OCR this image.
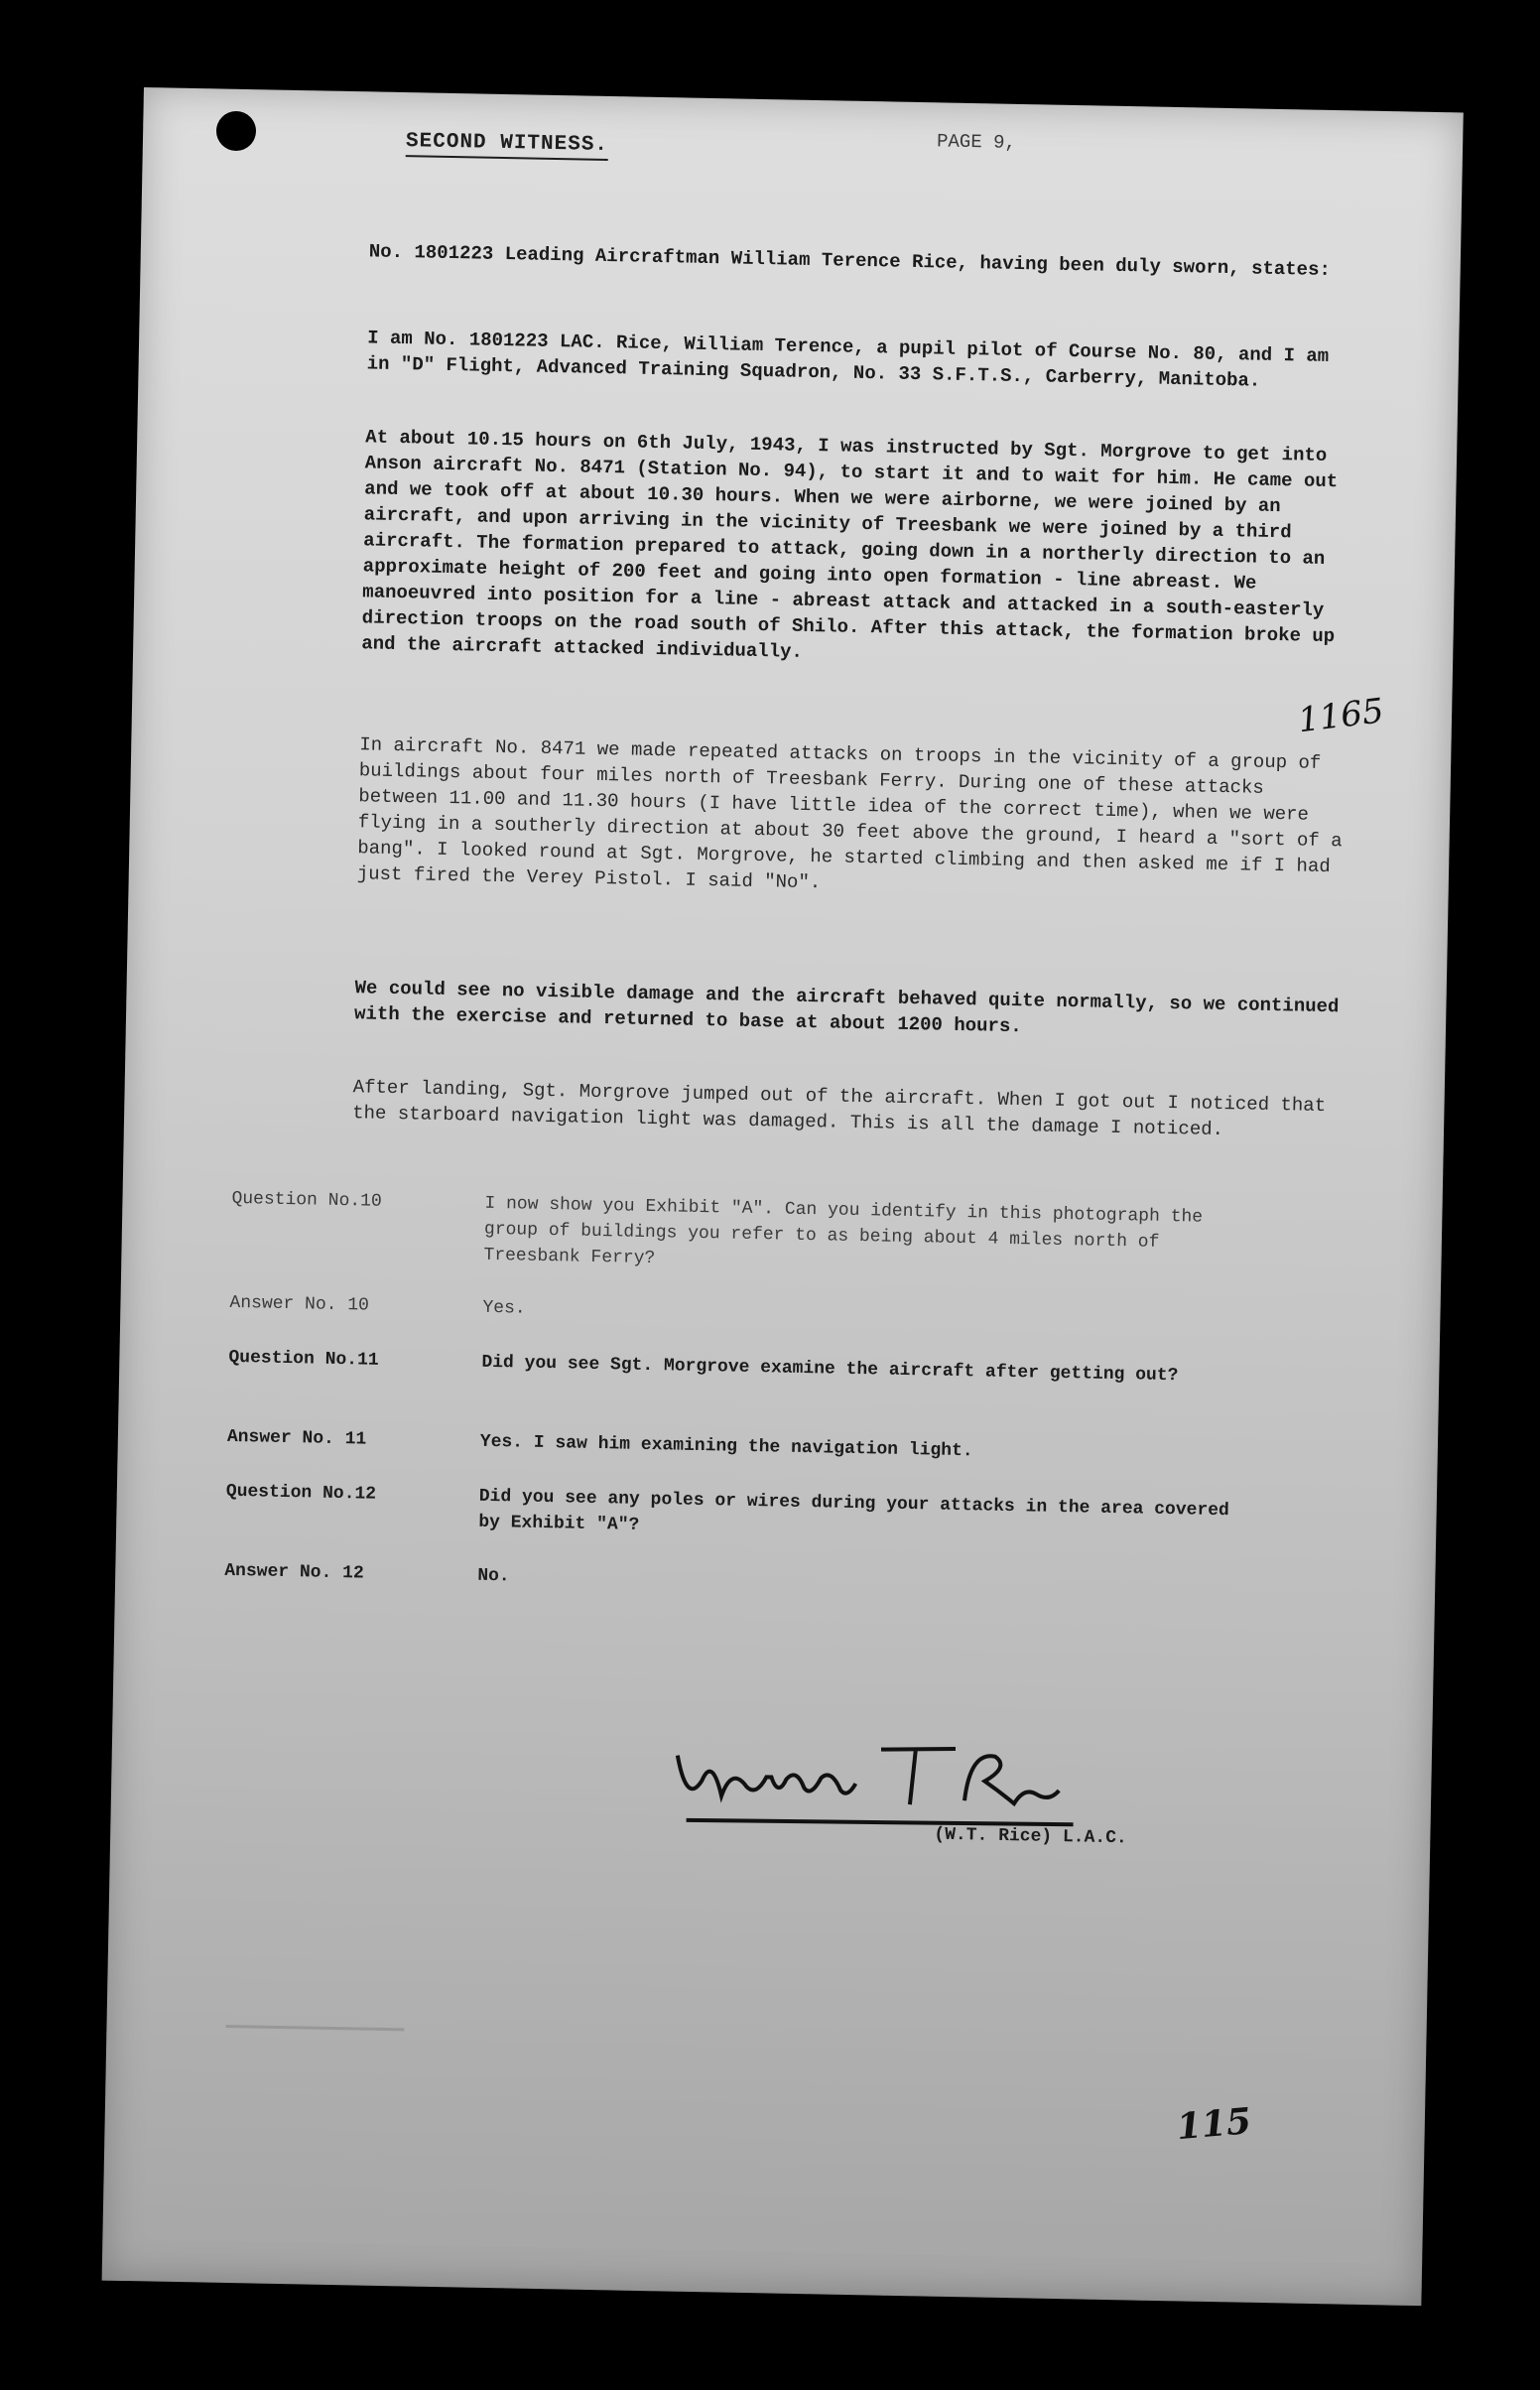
SECOND WITNESS.	PAGE 9,
No. 1801223 Leading Aircraftman William Terence Rice, having been duly sworn, states:
I am No. 1801223 LAC. Rice, William Terence, a pupil pilot of Course No. 80, and I am in "D" Flight, Advanced Training Squadron, No. 33 S.F.T.S., Carberry, Manitoba.
At about 10.15 hours on 6th July, 1943, I was instructed by Sgt. Morgrove to get into Anson aircraft No. 8471 (Station No. 94), to start it and to wait for him. He came out and we took off at about 10.30 hours. When we were airborne, we were joined by an aircraft, and upon arriving in the vicinity of Treesbank we were joined by a third aircraft. The formation prepared to attack, going down in a northerly direction to an approximate height of 200 feet and going into open formation - line abreast. We manoeuvred into position for a line - abreast attack and attacked in a south-easterly direction troops on the road south of Shilo. After this attack, the formation broke up and the aircraft attacked individually.
In aircraft No. 8471 we made repeated attacks on troops in the vicinity of a group of buildings about four miles north of Treesbank Ferry. During one of these attacks between 11.00 and 11.30 hours (I have little idea of the correct time), when we were flying in a southerly direction at about 30 feet above the ground, I heard a "sort of a bang". I looked round at Sgt. Morgrove, he started climbing and then asked me if I had just fired the Verey Pistol. I said "No".
We could see no visible damage and the aircraft behaved quite normally, so we continued with the exercise and returned to base at about 1200 hours.
After landing, Sgt. Morgrove jumped out of the aircraft. When I got out I noticed that the starboard navigation light was damaged. This is all the damage I noticed.
Question No.10	I now show you Exhibit "A". Can you identify in this photograph the group of buildings you refer to as being about 4 miles north of Treesbank Ferry?
Answer No. 10	Yes.
Question No.11	Did you see Sgt. Morgrove examine the aircraft after getting out?
Answer No. 11	Yes. I saw him examining the navigation light.
Question No.12	Did you see any poles or wires during your attacks in the area covered by Exhibit "A"?
Answer No. 12	No.
1165
(W.T. Rice) L.A.C.
115
